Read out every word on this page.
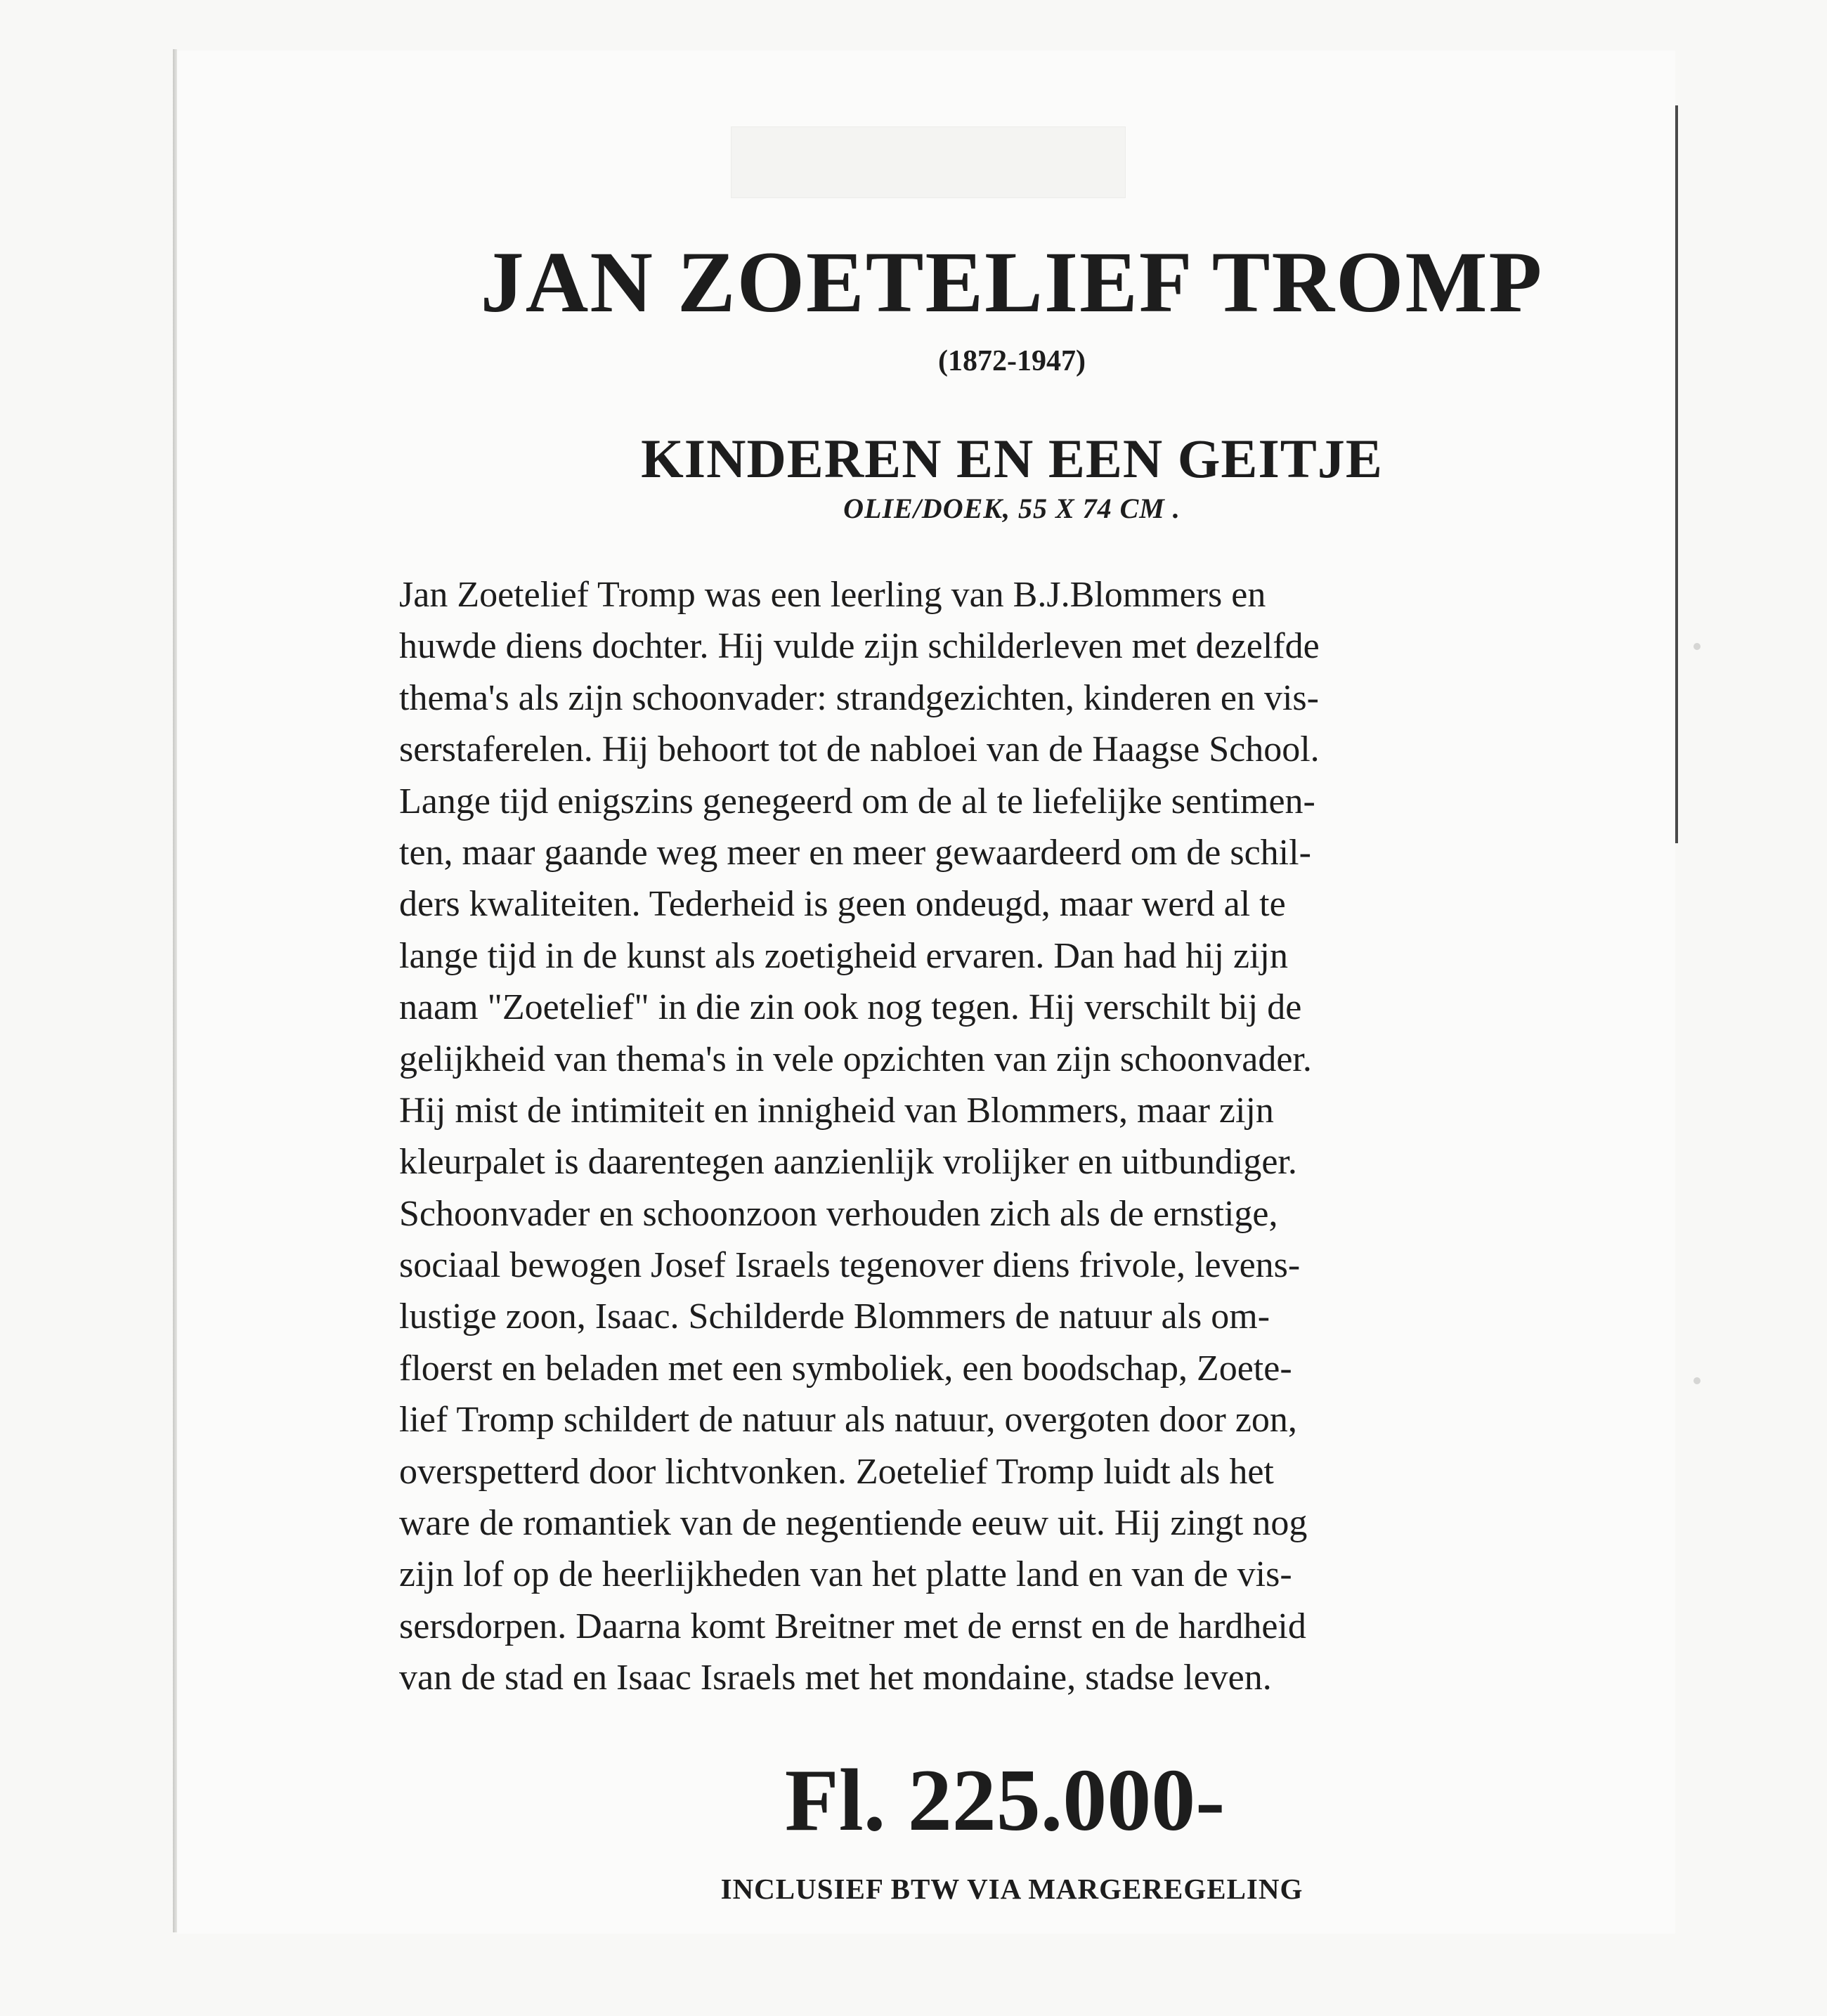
JAN ZOETELIEF TROMP
(1872-1947)
KINDEREN EN EEN GEITJE
OLIE/DOEK, 55 X 74 CM .
Jan Zoetelief Tromp was een leerling van B.J.Blommers en
huwde diens dochter. Hij vulde zijn schilderleven met dezelfde
thema's als zijn schoonvader: strandgezichten, kinderen en vis-
serstaferelen. Hij behoort tot de nabloei van de Haagse School.
Lange tijd enigszins genegeerd om de al te liefelijke sentimen-
ten, maar gaande weg meer en meer gewaardeerd om de schil-
ders kwaliteiten. Tederheid is geen ondeugd, maar werd al te
lange tijd in de kunst als zoetigheid ervaren. Dan had hij zijn
naam "Zoetelief" in die zin ook nog tegen. Hij verschilt bij de
gelijkheid van thema's in vele opzichten van zijn schoonvader.
Hij mist de intimiteit en innigheid van Blommers, maar zijn
kleurpalet is daarentegen aanzienlijk vrolijker en uitbundiger.
Schoonvader en schoonzoon verhouden zich als de ernstige,
sociaal bewogen Josef Israels tegenover diens frivole, levens-
lustige zoon, Isaac. Schilderde Blommers de natuur als om-
floerst en beladen met een symboliek, een boodschap, Zoete-
lief Tromp schildert de natuur als natuur, overgoten door zon,
overspetterd door lichtvonken. Zoetelief Tromp luidt als het
ware de romantiek van de negentiende eeuw uit. Hij zingt nog
zijn lof op de heerlijkheden van het platte land en van de vis-
sersdorpen. Daarna komt Breitner met de ernst en de hardheid
van de stad en Isaac Israels met het mondaine, stadse leven.
Fl. 225.000-
INCLUSIEF BTW VIA MARGEREGELING
